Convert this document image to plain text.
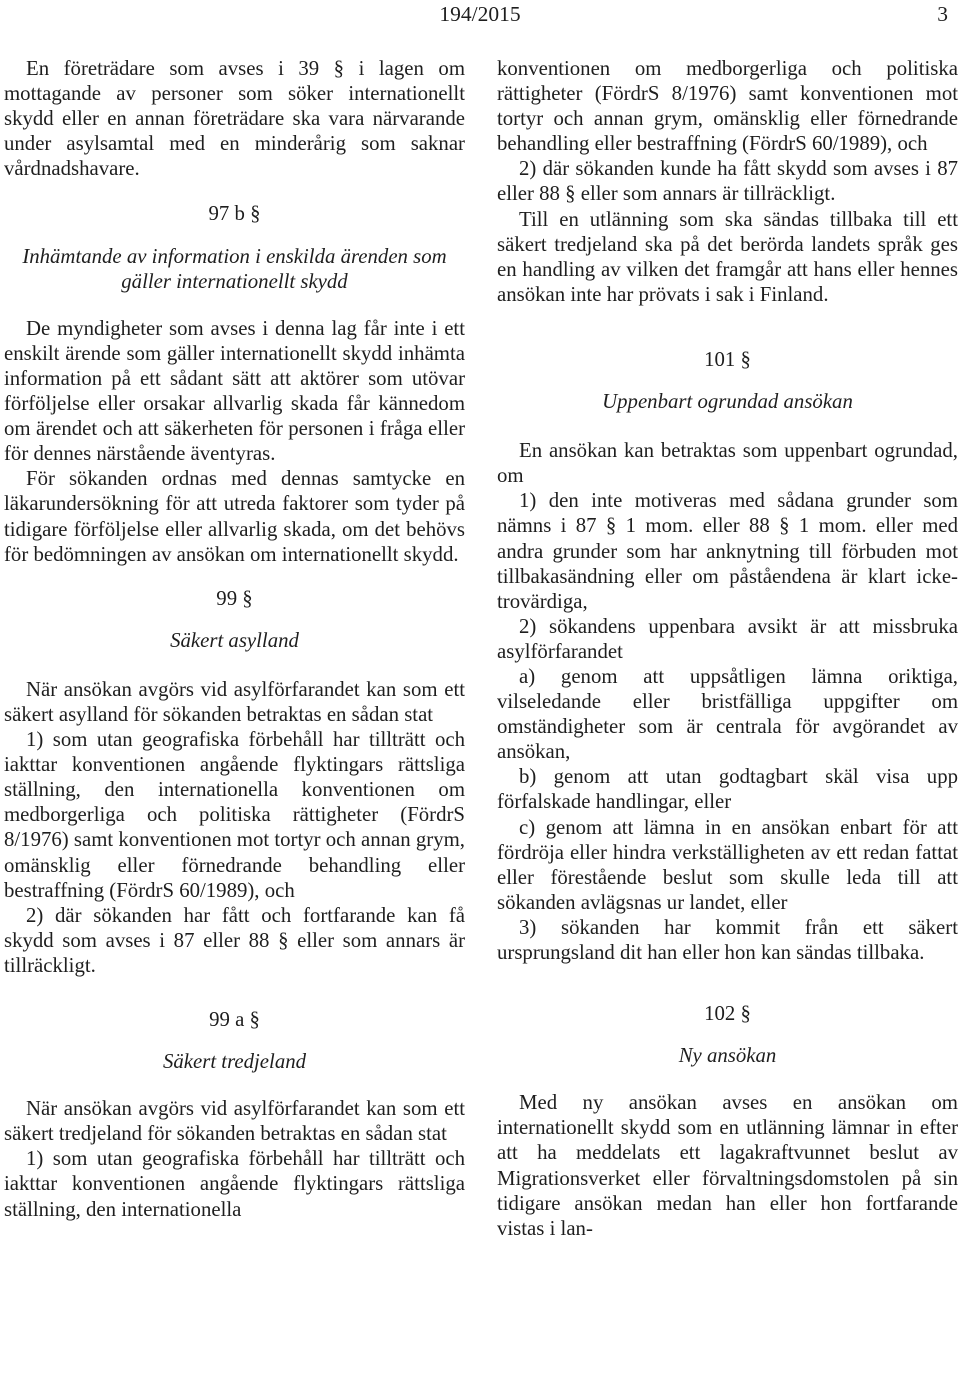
194/2015	3

En företrädare som avses i 39 § i lagen om mottagande av personer som söker internationellt skydd eller en annan företrädare ska vara närvarande under asylsamtal med en minderårig som saknar vårdnadshavare.

97 b §

Inhämtande av information i enskilda ärenden som gäller internationellt skydd

De myndigheter som avses i denna lag får inte i ett enskilt ärende som gäller internationellt skydd inhämta information på ett sådant sätt att aktörer som utövar förföljelse eller orsakar allvarlig skada får kännedom om ärendet och att säkerheten för personen i fråga eller för dennes närstående äventyras.

För sökanden ordnas med dennas samtycke en läkarundersökning för att utreda faktorer som tyder på tidigare förföljelse eller allvarlig skada, om det behövs för bedömningen av ansökan om internationellt skydd.

99 §

Säkert asylland

När ansökan avgörs vid asylförfarandet kan som ett säkert asylland för sökanden betraktas en sådan stat

1) som utan geografiska förbehåll har tillträtt och iakttar konventionen angående flyktingars rättsliga ställning, den internationella konventionen om medborgerliga och politiska rättigheter (FördrS 8/1976) samt konventionen mot tortyr och annan grym, omänsklig eller förnedrande behandling eller bestraffning (FördrS 60/1989), och

2) där sökanden har fått och fortfarande kan få skydd som avses i 87 eller 88 § eller som annars är tillräckligt.

99 a §

Säkert tredjeland

När ansökan avgörs vid asylförfarandet kan som ett säkert tredjeland för sökanden betraktas en sådan stat

1) som utan geografiska förbehåll har tillträtt och iakttar konventionen angående flyktingars rättsliga ställning, den internationella

konventionen om medborgerliga och politiska rättigheter (FördrS 8/1976) samt konventionen mot tortyr och annan grym, omänsklig eller förnedrande behandling eller bestraffning (FördrS 60/1989), och

2) där sökanden kunde ha fått skydd som avses i 87 eller 88 § eller som annars är tillräckligt.

Till en utlänning som ska sändas tillbaka till ett säkert tredjeland ska på det berörda landets språk ges en handling av vilken det framgår att hans eller hennes ansökan inte har prövats i sak i Finland.

101 §

Uppenbart ogrundad ansökan

En ansökan kan betraktas som uppenbart ogrundad, om

1) den inte motiveras med sådana grunder som nämns i 87 § 1 mom. eller 88 § 1 mom. eller med andra grunder som har anknytning till förbuden mot tillbakasändning eller om påståendena är klart icke-trovärdiga,

2) sökandens uppenbara avsikt är att missbruka asylförfarandet

a) genom att uppsåtligen lämna oriktiga, vilseledande eller bristfälliga uppgifter om omständigheter som är centrala för avgörandet av ansökan,

b) genom att utan godtagbart skäl visa upp förfalskade handlingar, eller

c) genom att lämna in en ansökan enbart för att fördröja eller hindra verkställigheten av ett redan fattat eller förestående beslut som skulle leda till att sökanden avlägsnas ur landet, eller

3) sökanden har kommit från ett säkert ursprungsland dit han eller hon kan sändas tillbaka.

102 §

Ny ansökan

Med ny ansökan avses en ansökan om internationellt skydd som en utlänning lämnar in efter att ha meddelats ett lagakraftvunnet beslut av Migrationsverket eller förvaltningsdomstolen på sin tidigare ansökan medan han eller hon fortfarande vistas i lan-
